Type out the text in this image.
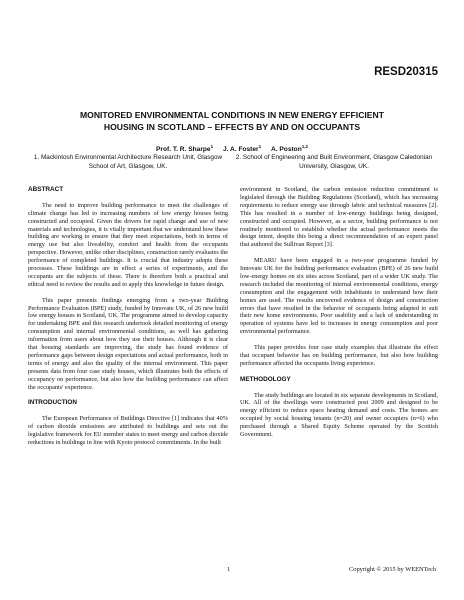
RESD20315
MONITORED ENVIRONMENTAL CONDITIONS IN NEW ENERGY EFFICIENT
HOUSING IN SCOTLAND – EFFECTS BY AND ON OCCUPANTS
Prof. T. R. Sharpe$^1$ J. A. Foster$^1$ A. Poston$^{1,2}$
1. Mackintosh Environmental Architecture Research Unit, Glasgow School of Art, Glasgow, UK.
2. School of Engineering and Built Environment, Glasgow Caledonian University, Glasgow, UK.
ABSTRACT

The need to improve building performance to meet the challenges of climate change has led to increasing numbers of low energy houses being constructed and occupied. Given the drivers for rapid change and use of new materials and technologies, it is vitally important that we understand how these building are working to ensure that they meet expectations, both in terms of energy use but also liveability, comfort and health from the occupants perspective. However, unlike other disciplines, construction rarely evaluates the performance of completed buildings. It is crucial that industry adopts these processes. These buildings are in effect a series of experiments, and the occupants are the subjects of these. There is therefore both a practical and ethical need to review the results and to apply this knowledge in future design.

This paper presents findings emerging from a two-year Building Performance Evaluation (BPE) study, funded by Innovate UK, of 26 new build low energy houses in Scotland, UK. The programme aimed to develop capacity for undertaking BPE and this research undertook detailed monitoring of energy consumption and internal environmental conditions, as well has gathering information from users about how they use their houses. Although it is clear that housing standards are improving, the study has found evidence of performance gaps between design expectations and actual performance, both in terms of energy and also the quality of the internal environment. This paper presents data from four case study houses, which illustrates both the effects of occupancy on performance, but also how the building performance can affect the occupants' experience.

INTRODUCTION

The European Performance of Buildings Directive [1] indicates that 40% of carbon dioxide emissions are attributed to buildings and sets out the legislative framework for EU member states to meet energy and carbon dioxide reductions in buildings in line with Kyoto protocol commitments. In the built

environment in Scotland, the carbon emission reduction commitment is legislated through the Building Regulations (Scotland), which has increasing requirements to reduce energy use through fabric and technical measures [2]. This has resulted in a number of low-energy buildings being designed, constructed and occupied. However, as a sector, building performance is not routinely monitored to establish whether the actual performance meets the design intent, despite this being a direct recommendation of an expert panel that authored the Sullivan Report [3].

MEARU have been engaged in a two-year programme funded by Innovate UK for the building performance evaluation (BPE) of 26 new build low-energy homes on six sites across Scotland, part of a wider UK study. The research included the monitoring of internal environmental conditions, energy consumption and the engagement with inhabitants to understand how their homes are used. The results uncovered evidence of design and construction errors that have resulted in the behavior of occupants being adapted to suit their new home environments. Poor usability and a lack of understanding in operation of systems have led to increases in energy consumption and poor environmental performance.

This paper provides four case study examples that illustrate the effect that occupant behavior has on building performance, but also how building performance affected the occupants living experience.

METHODOLOGY

The study buildings are located in six separate developments in Scotland, UK. All of the dwellings were constructed post 2009 and designed to be energy efficient to reduce space heating demand and costs. The homes are occupied by social housing tenants (n=20) and owner occupiers (n=6) who purchased through a Shared Equity Scheme operated by the Scottish Government.

1	Copyright © 2015 by WEENTech
